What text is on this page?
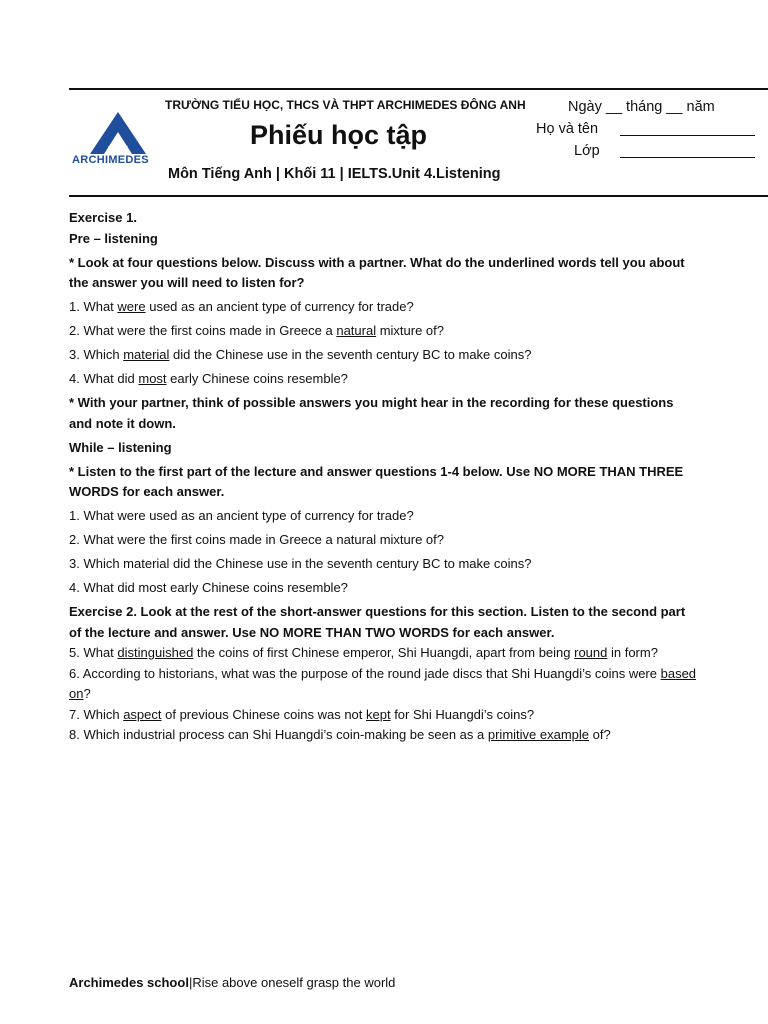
ARCHIMEDES
TRƯỜNG TIỂU HỌC, THCS VÀ THPT ARCHIMEDES ĐÔNG ANH
Phiếu học tập
Môn Tiếng Anh | Khối 11 | IELTS.Unit 4.Listening
Ngày __ tháng __ năm
Họ và tên
Lớp

Exercise 1.

Pre – listening

* Look at four questions below. Discuss with a partner. What do the underlined words tell you about the answer you will need to listen for?

1. What were used as an ancient type of currency for trade?

2. What were the first coins made in Greece a natural mixture of?

3. Which material did the Chinese use in the seventh century BC to make coins?

4. What did most early Chinese coins resemble?

* With your partner, think of possible answers you might hear in the recording for these questions and note it down.

While – listening

* Listen to the first part of the lecture and answer questions 1-4 below. Use NO MORE THAN THREE WORDS for each answer.

1. What were used as an ancient type of currency for trade?

2. What were the first coins made in Greece a natural mixture of?

3. Which material did the Chinese use in the seventh century BC to make coins?

4. What did most early Chinese coins resemble?

Exercise 2. Look at the rest of the short-answer questions for this section. Listen to the second part of the lecture and answer. Use NO MORE THAN TWO WORDS for each answer.

5. What distinguished the coins of first Chinese emperor, Shi Huangdi, apart from being round in form?

6. According to historians, what was the purpose of the round jade discs that Shi Huangdi’s coins were based on?

7. Which aspect of previous Chinese coins was not kept for Shi Huangdi’s coins?

8. Which industrial process can Shi Huangdi’s coin-making be seen as a primitive example of?

Archimedes school|Rise above oneself grasp the world
